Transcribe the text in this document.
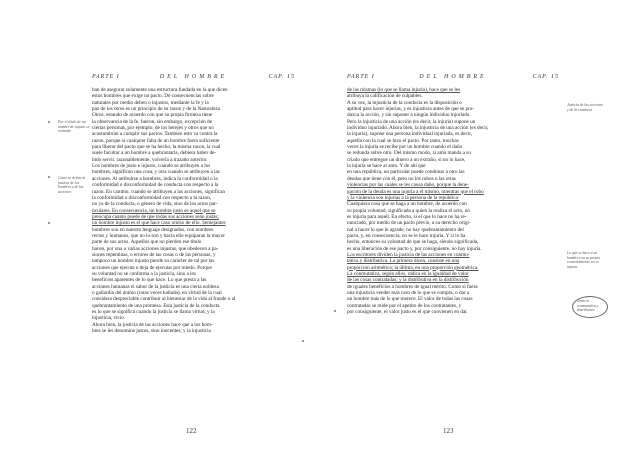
PARTE I	DEL HOMBRE	CAP. 15
Por el título de un nombre de injusto se entiende
Cómo se define la justicia de los hombres y de las acciones
ban de asegurar solamente una estructura fundada en la que dicen
estos hombres que exige un pacto. De consecuencias sobre
naturales por medio deben o injustos, mediante la fe y la
paz de los otros es un principio de su razon y de la Naturaleza
Otros, estando de acuerdo con que su propia firmeza tiene
la observancia de la fe, fueron, sin embargo, excepción de
ciertas personas, por ejemplo, de los herejes y otros que no
acostumbran a cumplir sus pactos. Tambien esto va contra la
razon, porque si cualquier falta de un hombre fuera suficiente
para liberar del pacto que se ha hecho, la misma razon, la cual
suele facultar a un hombre a quebrantarla, debiera haber de-
bido servir. razonablemente, volverla a trazado anterior.
Los nombres de justo e injusto, cuando se atribuyen a los
hombres, significan una cosa, y otra cuando se atribuyen a las
acciones. Al atribuirse a hombres, indica la conformidad o la
conformidad o disconformidad de conducta con respecto a la
razon. En cambio, cuando se atribuyen a las acciones, significan
la conformidad o disconformidad con respecto a la razon,
no ya de la conducta, o género de vida, sino de los actos par-
ticulares. En consecuencia, un hombre justo es aquel que se
preocupa cuanto puede de que todas sus acciones sean justas;
un hombre injusto es el que hace caso omiso de ello. Semejantes
hombres son en nuestro lenguaje designados, con nombres
rectos y humanos, que no lo son y hacia ello equiparan la mayor
parte de sus actos. Aquellos que no pierden ese título
hacen, por una o varias acciones injustas, que obedecen a pa-
siones repentinas, o errores de las cosas o de las personas, y
tampoco un hombre injusto pierde su carácter de tal por las
acciones que ejecuta o deja de ejecutar por miedo. Porque
su voluntad no se conforma a la justicia, sino a los
beneficios aparentes de lo que hace. Lo que presta a las
acciones humanas el sabor de la justicia es una cierta nobleza
o gallardía del ánimo (raras veces hallada), en virtud de la cual
considera despreciable contribuir al bienestar de la vida al fraude o al
quebrantamiento de una promesa. Esta justicia de la conducta
es lo que se significa cuando la justicia se llama virtud, y la
injusticia, vicio.
Ahora bien, la justicia de las acciones hace que a los hom-
bres se les denomine justos, sino inocentes; y la injusticia
122
PARTE I	DEL HOMBRE	CAP. 15
Justicia de las acciones y de la conducta
Lo que se hace a un hombre con su propio consentimiento no es injuria
Justicia conmutativa y distributiva
de las mismas (lo que se llama injuria), hace que se les
atribuya la calificación de culpables.
A su vez, la injusticia de la conducta es la disposición o
aptitud para hacer injurias, y es injusticia antes de que se pro-
duzca la acción, y sin suponer a ningún individuo injuriado.
Pero la injusticia de una acción (es decir, la injuria) supone un
individuo injuriado. Ahora bien, la injusticia de una acción (es decir,
la injuria), supone una persona individual injuriada, es decir,
aquella con la cual se hizo el pacto. Por tanto, muchas
veces la injuria se recibe por un hombre cuando el daño
se redunda sobre otro. Del mismo modo, si amo manda a su
criado que entregue un dinero a un extraño, si no lo hace,
la injuria se hace al amo. Y de ahí que
en una república, un particular puede condonar a otro las
deudas que tiene con él, pero no los robos o las otras
violencias por las cuales se les causa daño, porque la dene-
gación de la deuda es una injuria a él mismo, mientras que el robo
y la violencia son injurias a la persona de la república.
Cualquiera cosa que se haga a un hombre, de acuerdo con
su propia voluntad, significada a quien la realiza el acto, no
es injuria para aquél. En efecto, si el que lo hace no ha re-
nunciado, por medio de un pacto previo, a su derecho origi-
nal a hacer lo que le agrade, no hay quebrantamiento del
pacto, y, en consecuencia, no se le hace injuria. Y si lo ha
hecho, entonces su voluntad de que se haga, siendo significada,
es una liberación de ese pacto y, por consiguiente, no hay injuria.
Los escritores dividen la justicia de las acciones en conmu-
tativa y distributiva. La primera dicen, consiste en una
proporción aritmética; la última, en una proporción geométrica.
La conmutativa, según ellos, radica en la igualdad de valor
de las cosas contratadas; y la distributiva en la distribución
de iguales beneficios a hombres de igual mérito. Como si fuera
una injusticia vender más caro de lo que se compra, o dar a
un hombre más de lo que merece. El valor de todas las cosas
contratadas se mide por el apetito de los contratantes, y
por consiguiente, el valor justo es el que convienen en dar.
123
